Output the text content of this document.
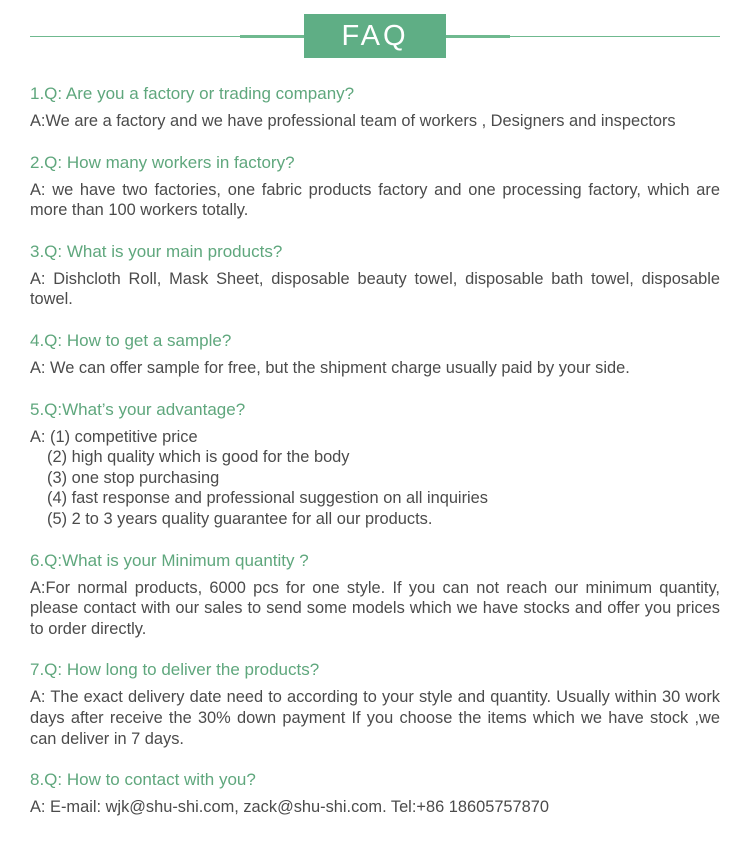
FAQ
1.Q: Are you a factory or trading company?
A:We are a factory and we have professional team of workers , Designers and inspectors
2.Q: How many workers in factory?
A: we have two factories, one fabric products factory and one processing factory, which are more than 100 workers totally.
3.Q: What is your main products?
A: Dishcloth Roll, Mask Sheet, disposable beauty towel, disposable bath towel, disposable towel.
4.Q: How to get a sample?
A: We can offer sample for free, but the shipment charge usually paid by your side.
5.Q:What’s your advantage?
A: (1) competitive price
(2) high quality which is good for the body
(3) one stop purchasing
(4) fast response and professional suggestion on all inquiries
(5) 2 to 3 years quality guarantee for all our products.
6.Q:What is your Minimum quantity ?
A:For normal products, 6000 pcs for one style. If you can not reach our minimum quantity, please contact with our sales to send some models which we have stocks and offer you prices to order directly.
7.Q: How long to deliver the products?
A: The exact delivery date need to according to your style and quantity. Usually within 30 work days after receive the 30% down payment If you choose the items which we have stock ,we can deliver in 7 days.
8.Q: How to contact with you?
A: E-mail: wjk@shu-shi.com, zack@shu-shi.com. Tel:+86 18605757870
